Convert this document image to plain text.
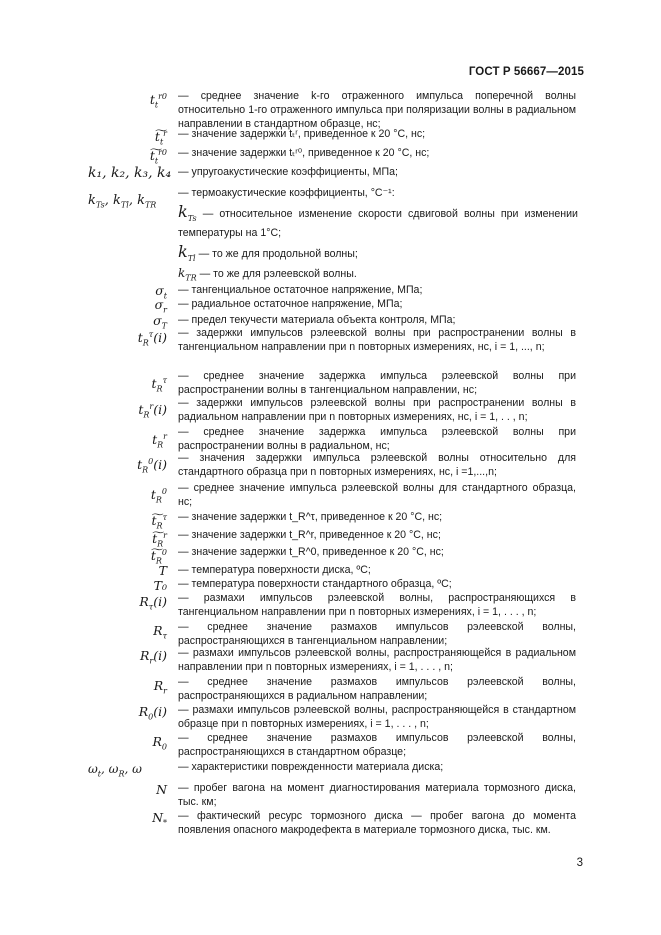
ГОСТ Р 56667—2015
$t_t^{r0}$ — среднее значение k-го отраженного импульса поперечной волны относительно 1-го отраженного импульса при поляризации волны в радиальном направлении в стандартном образце, нс;
$t͠_t^r$ — значение задержки tₜʳ, приведенное к 20 °С, нс;
$t͠_t^{r0}$ — значение задержки tₜʳ⁰, приведенное к 20 °С, нс;
k₁, k₂, k₃, k₄ — упругоакустические коэффициенты, МПа;
$k_{Ts}$, $k_{Tl}$, $k_{TR}$
— термоакустические коэффициенты, °С⁻¹:
$k_{Ts}$ — относительное изменение скорости сдвиговой волны при изменении температуры на 1°С;
$k_{Tl}$ — то же для продольной волны;
$k_{TR}$ — то же для рэлеевской волны.
$\sigma_t$ — тангенциальное остаточное напряжение, МПа;
$\sigma_r$ — радиальное остаточное напряжение, МПа;
$\sigma_T$ — предел текучести материала объекта контроля, МПа;
$t_R^\tau(i)$ — задержки импульсов рэлеевской волны при распространении волны в тангенциальном направлении при n повторных измерениях, нс, i = 1, ..., n;
$t_R^\tau$ — среднее значение задержка импульса рэлеевской волны при распространении волны в тангенциальном направлении, нс;
$t_R^r(i)$ — задержки импульсов рэлеевской волны при распространении волны в радиальном направлении при n повторных измерениях, нс, i = 1, . . , n;
$t_R^r$ — среднее значение задержка импульса рэлеевской волны при распространении волны в радиальном, нс;
$t_R^0(i)$ — значения задержки импульса рэлеевской волны относительно для стандартного образца при n повторных измерениях, нс, i =1,...,n;
$t_R^0$ — среднее значение импульса рэлеевской волны для стандартного образца, нс;
$t͠_R^\tau$ — значение задержки t_R^τ, приведенное к 20 °С, нс;
$t͠_R^r$ — значение задержки t_R^r, приведенное к 20 °С, нс;
$t͠_R^0$ — значение задержки t_R^0, приведенное к 20 °С, нс;
T — температура поверхности диска, ºС;
T₀ — температура поверхности стандартного образца, ºС;
$R_\tau(i)$ — размахи импульсов рэлеевской волны, распространяющихся в тангенциальном направлении при n повторных измерениях, i = 1, . . . , n;
$R_\tau$
— среднее значение размахов импульсов рэлеевской волны, распространяющихся в тангенциальном направлении;
$R_r(i)$ — размахи импульсов рэлеевской волны, распространяющейся в радиальном направлении при n повторных измерениях, i = 1, . . . , n;
$R_r$
— среднее значение размахов импульсов рэлеевской волны, распространяющихся в радиальном направлении;
$R_0(i)$ — размахи импульсов рэлеевской волны, распространяющейся в стандартном образце при n повторных измерениях, i = 1, . . . , n;
$R_0$
— среднее значение размахов импульсов рэлеевской волны, распространяющихся в стандартном образце;
$\omega_t$, $\omega_R$, ω	— характеристики поврежденности материала диска;
N — пробег вагона на момент диагностирования материала тормозного диска, тыс. км;
$N_*$
— фактический ресурс тормозного диска — пробег вагона до момента появления опасного макродефекта в материале тормозного диска, тыс. км.
3
